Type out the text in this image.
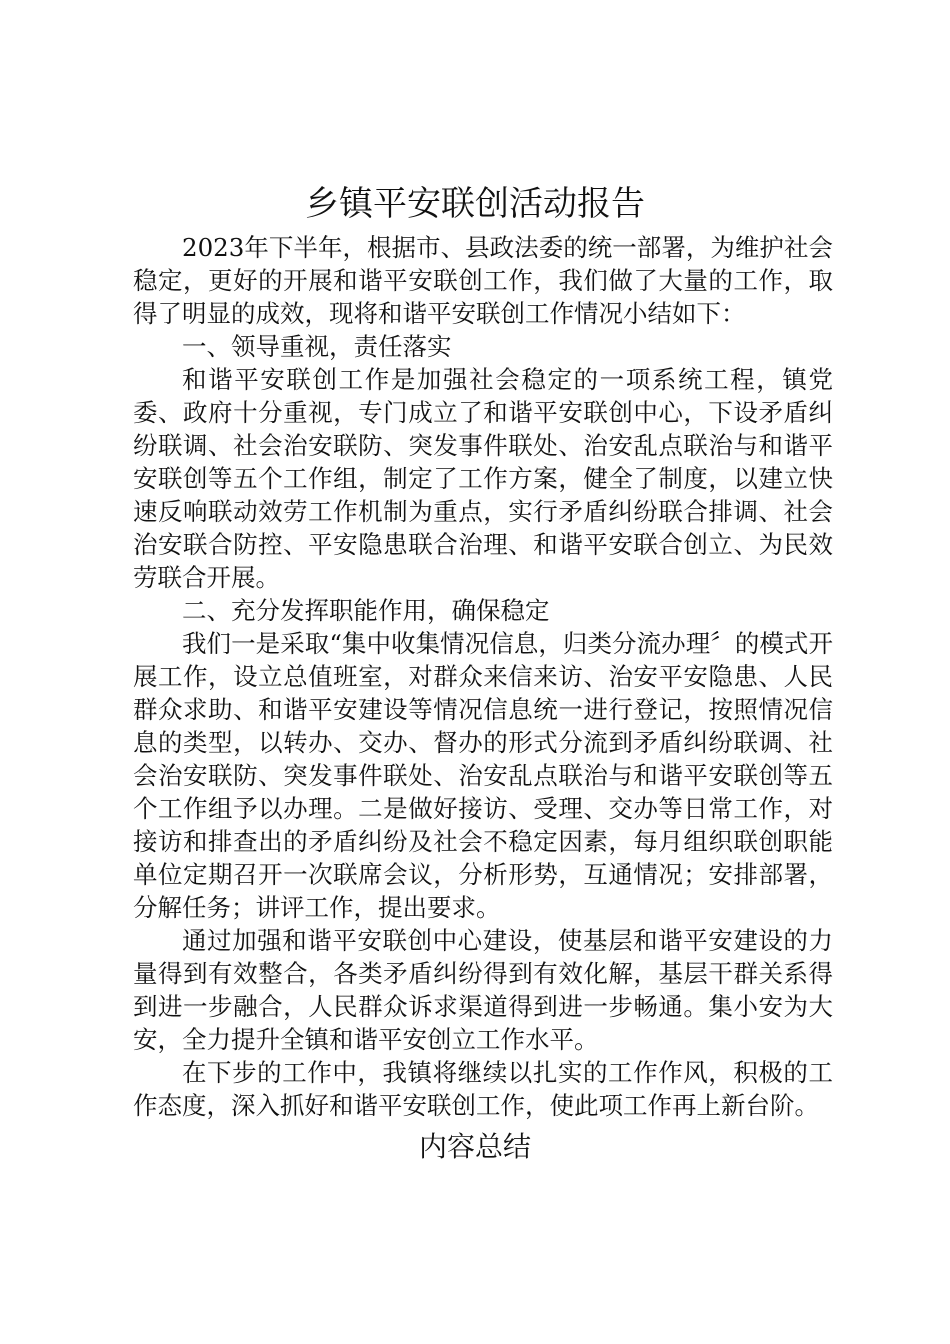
乡镇平安联创活动报告

2023年下半年，根据市、县政法委的统一部署，为维护社会稳定，更好的开展和谐平安联创工作，我们做了大量的工作，取得了明显的成效，现将和谐平安联创工作情况小结如下：

一、领导重视，责任落实

和谐平安联创工作是加强社会稳定的一项系统工程，镇党委、政府十分重视，专门成立了和谐平安联创中心，下设矛盾纠纷联调、社会治安联防、突发事件联处、治安乱点联治与和谐平安联创等五个工作组，制定了工作方案，健全了制度，以建立快速反响联动效劳工作机制为重点，实行矛盾纠纷联合排调、社会治安联合防控、平安隐患联合治理、和谐平安联合创立、为民效劳联合开展。

二、充分发挥职能作用，确保稳定

我们一是采取“集中收集情况信息，归类分流办理〞的模式开展工作，设立总值班室，对群众来信来访、治安平安隐患、人民群众求助、和谐平安建设等情况信息统一进行登记，按照情况信息的类型，以转办、交办、督办的形式分流到矛盾纠纷联调、社会治安联防、突发事件联处、治安乱点联治与和谐平安联创等五个工作组予以办理。二是做好接访、受理、交办等日常工作，对接访和排查出的矛盾纠纷及社会不稳定因素，每月组织联创职能单位定期召开一次联席会议，分析形势，互通情况；安排部署，分解任务；讲评工作，提出要求。

通过加强和谐平安联创中心建设，使基层和谐平安建设的力量得到有效整合，各类矛盾纠纷得到有效化解，基层干群关系得到进一步融合，人民群众诉求渠道得到进一步畅通。集小安为大安，全力提升全镇和谐平安创立工作水平。

在下步的工作中，我镇将继续以扎实的工作作风，积极的工作态度，深入抓好和谐平安联创工作，使此项工作再上新台阶。

内容总结
